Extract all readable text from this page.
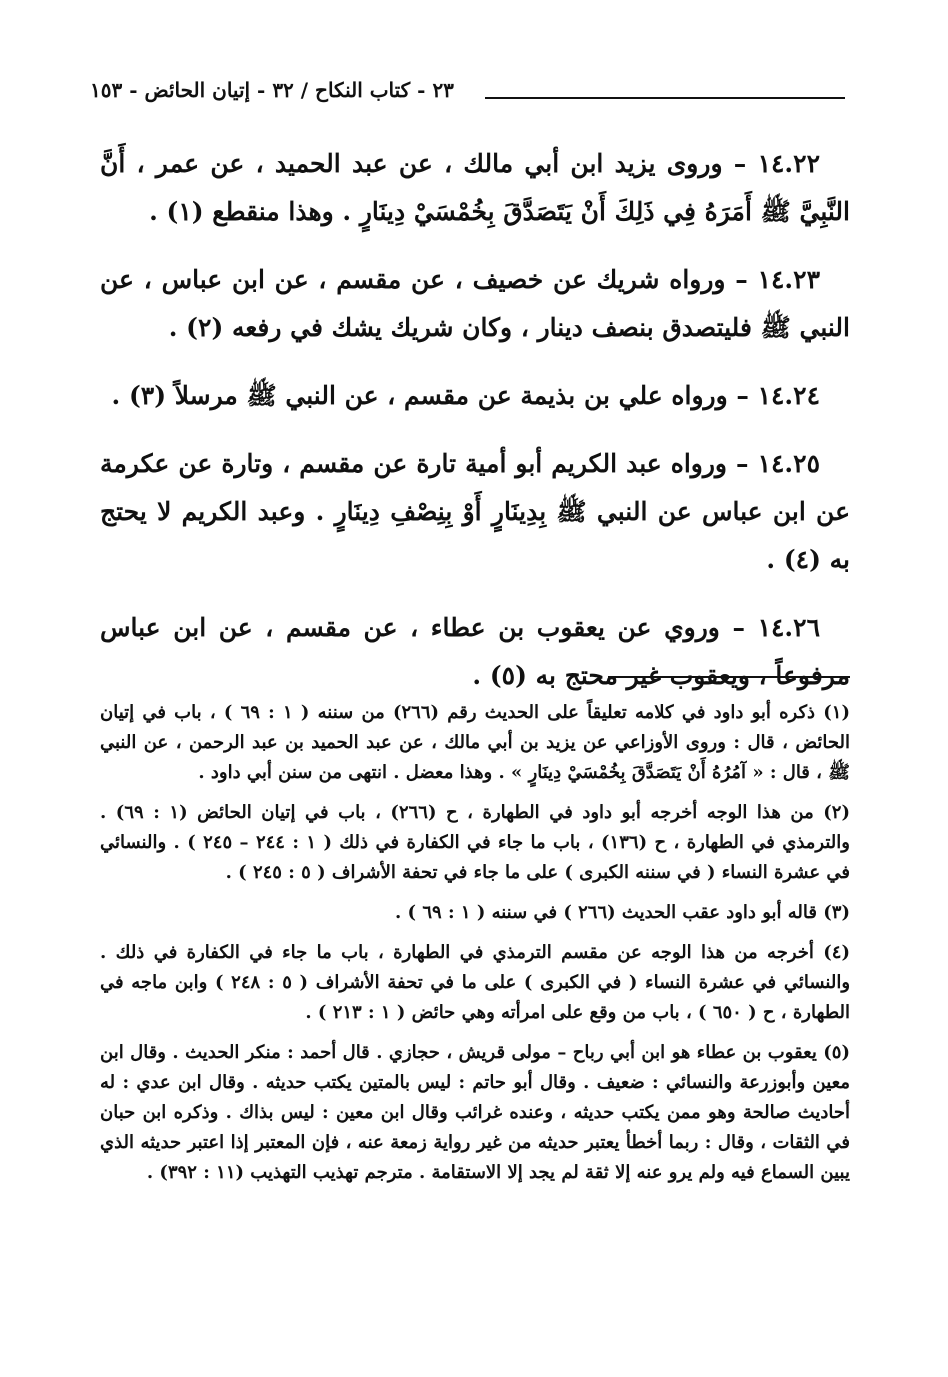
٢٣ - كتاب النكاح / ٣٢ - إتيان الحائض - ١٥٣

١٤.٢٢ – وروى يزيد ابن أبي مالك ، عن عبد الحميد ، عن عمر ، أَنَّ النَّبِيَّ ﷺ أَمَرَهُ فِي ذَلِكَ أَنْ يَتَصَدَّقَ بِخُمْسَيْ دِينَارٍ . وهذا منقطع (١) .

١٤.٢٣ – ورواه شريك عن خصيف ، عن مقسم ، عن ابن عباس ، عن النبي ﷺ فليتصدق بنصف دينار ، وكان شريك يشك في رفعه (٢) .

١٤.٢٤ – ورواه علي بن بذيمة عن مقسم ، عن النبي ﷺ مرسلاً (٣) .

١٤.٢٥ – ورواه عبد الكريم أبو أمية تارة عن مقسم ، وتارة عن عكرمة عن ابن عباس عن النبي ﷺ بِدِينَارٍ أَوْ بِنِصْفِ دِينَارٍ . وعبد الكريم لا يحتج به (٤) .

١٤.٢٦ – وروي عن يعقوب بن عطاء ، عن مقسم ، عن ابن عباس مرفوعاً ، ويعقوب غير محتج به (٥) .

(١) ذكره أبو داود في كلامه تعليقاً على الحديث رقم (٢٦٦) من سننه ( ١ : ٦٩ ) ، باب في إتيان الحائض ، قال : وروى الأوزاعي عن يزيد بن أبي مالك ، عن عبد الحميد بن عبد الرحمن ، عن النبي ﷺ ، قال : « آمُرُهُ أَنْ يَتَصَدَّقَ بِخُمْسَيْ دِينَارٍ » . وهذا معضل . انتهى من سنن أبي داود .

(٢) من هذا الوجه أخرجه أبو داود في الطهارة ، ح (٢٦٦) ، باب في إتيان الحائض (١ : ٦٩) . والترمذي في الطهارة ، ح (١٣٦) ، باب ما جاء في الكفارة في ذلك ( ١ : ٢٤٤ – ٢٤٥ ) . والنسائي في عشرة النساء ( في سننه الكبرى ) على ما جاء في تحفة الأشراف ( ٥ : ٢٤٥ ) .

(٣) قاله أبو داود عقب الحديث (٢٦٦ ) في سننه ( ١ : ٦٩ ) .

(٤) أخرجه من هذا الوجه عن مقسم الترمذي في الطهارة ، باب ما جاء في الكفارة في ذلك . والنسائي في عشرة النساء ( في الكبرى ) على ما في تحفة الأشراف ( ٥ : ٢٤٨ ) وابن ماجه في الطهارة ، ح ( ٦٥٠ ) ، باب من وقع على امرأته وهي حائض ( ١ : ٢١٣ ) .

(٥) يعقوب بن عطاء هو ابن أبي رباح – مولى قريش ، حجازي . قال أحمد : منكر الحديث . وقال ابن معين وأبوزرعة والنسائي : ضعيف . وقال أبو حاتم : ليس بالمتين يكتب حديثه . وقال ابن عدي : له أحاديث صالحة وهو ممن يكتب حديثه ، وعنده غرائب وقال ابن معين : ليس بذاك . وذكره ابن حبان في الثقات ، وقال : ربما أخطأ يعتبر حديثه من غير رواية زمعة عنه ، فإن المعتبر إذا اعتبر حديثه الذي يبين السماع فيه ولم يرو عنه إلا ثقة لم يجد إلا الاستقامة . مترجم تهذيب التهذيب (١١ : ٣٩٢) .
